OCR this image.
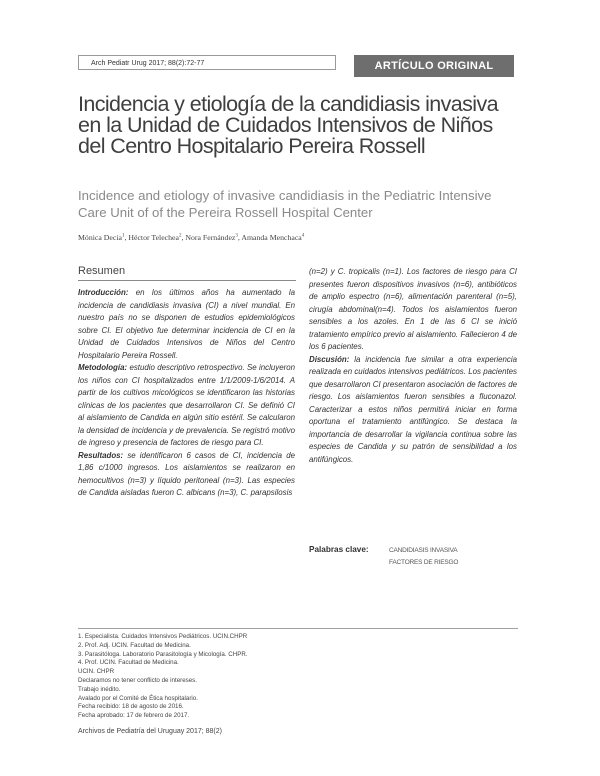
Arch Pediatr Urug 2017; 88(2):72-77	ARTÍCULO ORIGINAL
Incidencia y etiología de la candidiasis invasiva en la Unidad de Cuidados Intensivos de Niños del Centro Hospitalario Pereira Rossell
Incidence and etiology of invasive candidiasis in the Pediatric Intensive Care Unit of of the Pereira Rossell Hospital Center
Mónica Decia$^1$, Héctor Telechea$^2$, Nora Fernández$^3$, Amanda Menchaca$^4$
Resumen

Introducción: en los últimos años ha aumentado la incidencia de candidiasis invasiva (CI) a nivel mundial. En nuestro país no se disponen de estudios epidemiológicos sobre CI. El objetivo fue determinar incidencia de CI en la Unidad de Cuidados Intensivos de Niños del Centro Hospitalario Pereira Rossell.

Metodología: estudio descriptivo retrospectivo. Se incluyeron los niños con CI hospitalizados entre 1/1/2009-1/6/2014. A partir de los cultivos micológicos se identificaron las historias clínicas de los pacientes que desarrollaron CI. Se definió CI al aislamiento de Candida en algún sitio estéril. Se calcularon la densidad de incidencia y de prevalencia. Se registró motivo de ingreso y presencia de factores de riesgo para CI.

Resultados: se identificaron 6 casos de CI, incidencia de 1,86 c/1000 ingresos. Los aislamientos se realizaron en hemocultivos (n=3) y líquido peritoneal (n=3). Las especies de Candida aisladas fueron C. albicans (n=3), C. parapsilosis

(n=2) y C. tropicalis (n=1). Los factores de riesgo para CI presentes fueron dispositivos invasivos (n=6), antibióticos de amplio espectro (n=6), alimentación parenteral (n=5), cirugía abdominal(n=4). Todos los aislamientos fueron sensibles a los azoles. En 1 de las 6 CI se inició tratamiento empírico previo al aislamiento. Fallecieron 4 de los 6 pacientes.

Discusión: la incidencia fue similar a otra experiencia realizada en cuidados intensivos pediátricos. Los pacientes que desarrollaron CI presentaron asociación de factores de riesgo. Los aislamientos fueron sensibles a fluconazol. Caracterizar a estos niños permitirá iniciar en forma oportuna el tratamiento antifúngico. Se destaca la importancia de desarrollar la vigilancia continua sobre las especies de Candida y su patrón de sensibilidad a los antifúngicos.

Palabras clave:	CANDIDIASIS INVASIVA
FACTORES DE RIESGO
1. Especialista. Cuidados Intensivos Pediátricos. UCIN.CHPR
2. Prof. Adj. UCIN. Facultad de Medicina.
3. Parasitóloga. Laboratorio Parasitología y Micología. CHPR.
4. Prof. UCIN. Facultad de Medicina.
UCIN. CHPR
Declaramos no tener conflicto de intereses.
Trabajo inédito.
Avalado por el Comité de Ética hospitalario.
Fecha recibido: 18 de agosto de 2016.
Fecha aprobado: 17 de febrero de 2017.
Archivos de Pediatría del Uruguay 2017; 88(2)
